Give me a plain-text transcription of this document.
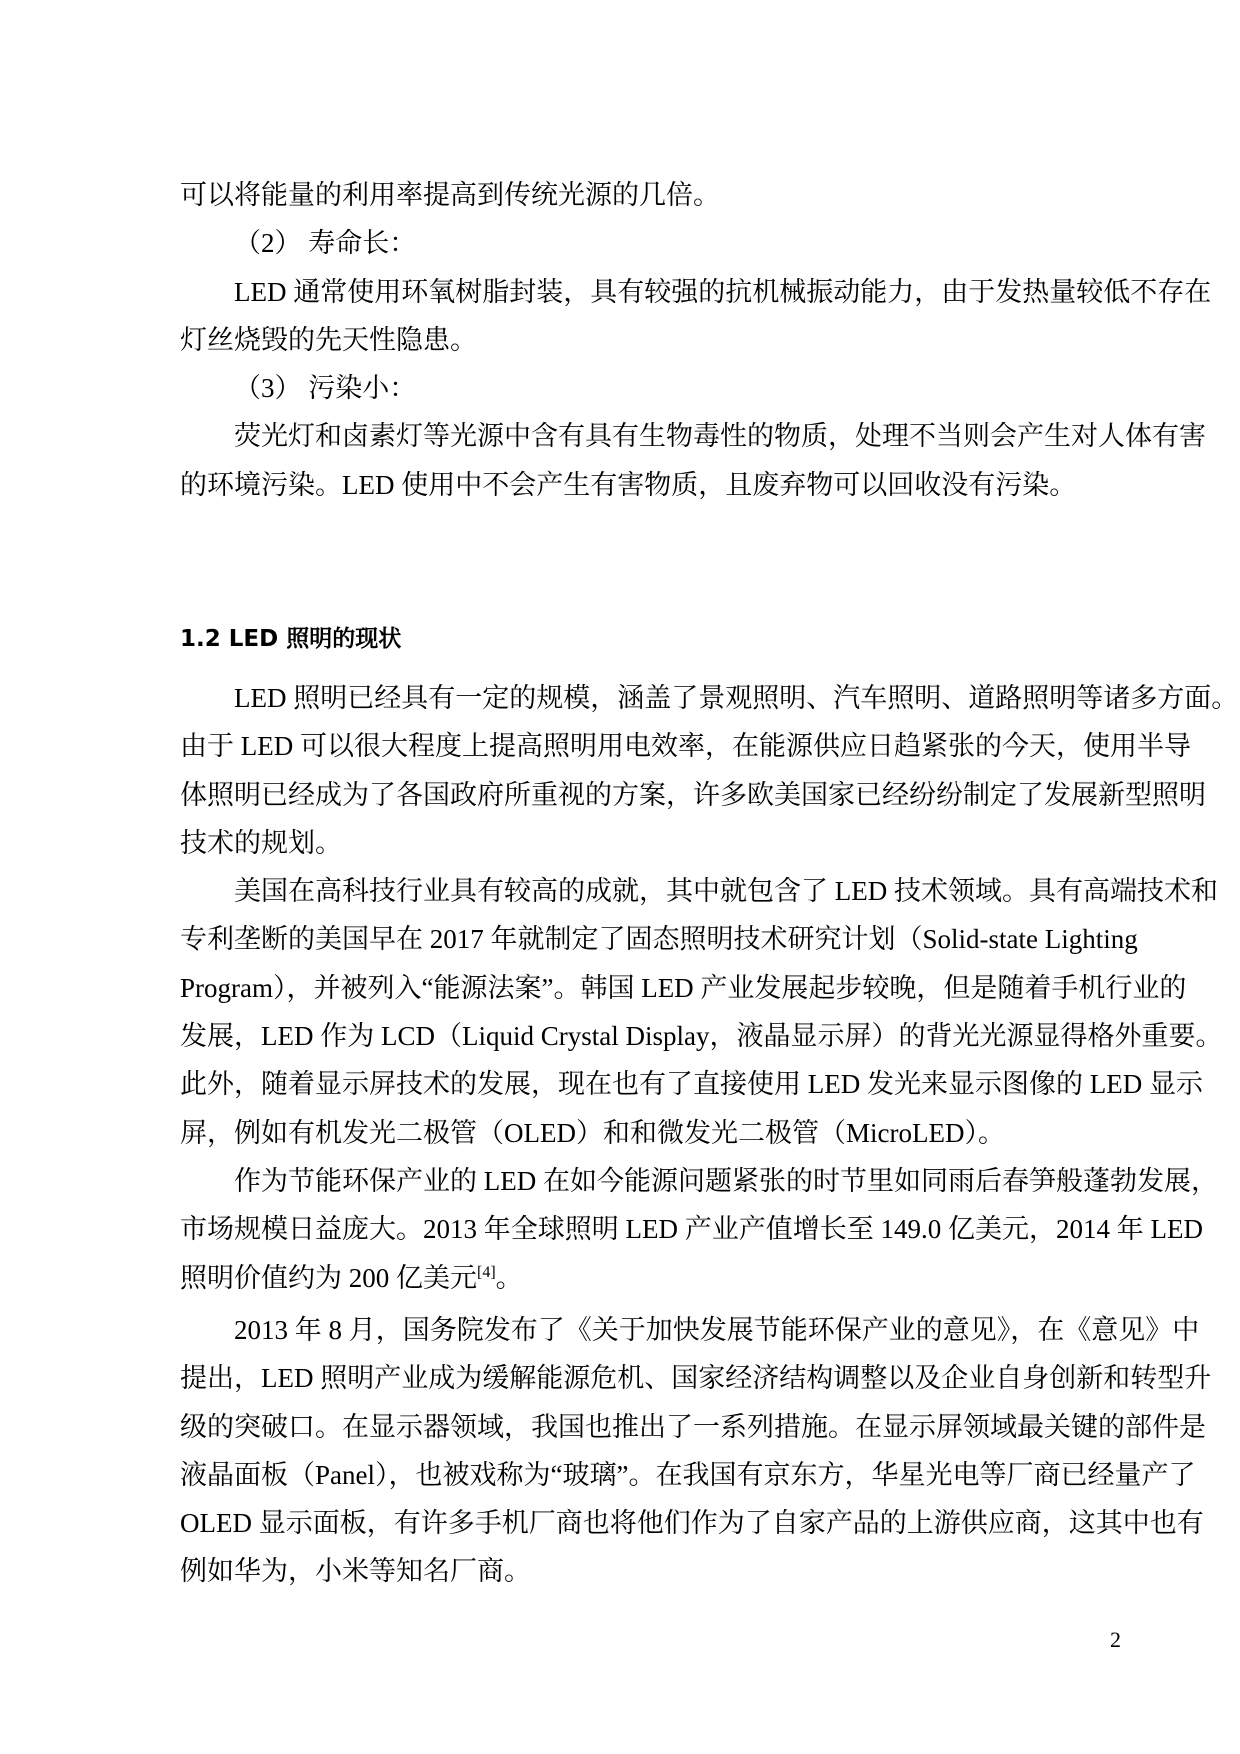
可以将能量的利用率提高到传统光源的几倍。
（2） 寿命长：
LED 通常使用环氧树脂封装，具有较强的抗机械振动能力，由于发热量较低不存在
灯丝烧毁的先天性隐患。
（3） 污染小：
荧光灯和卤素灯等光源中含有具有生物毒性的物质，处理不当则会产生对人体有害
的环境污染。LED 使用中不会产生有害物质，且废弃物可以回收没有污染。
1.2 LED 照明的现状
LED 照明已经具有一定的规模，涵盖了景观照明、汽车照明、道路照明等诸多方面。
由于 LED 可以很大程度上提高照明用电效率，在能源供应日趋紧张的今天，使用半导
体照明已经成为了各国政府所重视的方案，许多欧美国家已经纷纷制定了发展新型照明
技术的规划。
美国在高科技行业具有较高的成就，其中就包含了 LED 技术领域。具有高端技术和
专利垄断的美国早在 2017 年就制定了固态照明技术研究计划（Solid-state Lighting
Program），并被列入“能源法案”。韩国 LED 产业发展起步较晚，但是随着手机行业的
发展，LED 作为 LCD（Liquid Crystal Display，液晶显示屏）的背光光源显得格外重要。
此外，随着显示屏技术的发展，现在也有了直接使用 LED 发光来显示图像的 LED 显示
屏，例如有机发光二极管（OLED）和和微发光二极管（MicroLED）。
作为节能环保产业的 LED 在如今能源问题紧张的时节里如同雨后春笋般蓬勃发展，
市场规模日益庞大。2013 年全球照明 LED 产业产值增长至 149.0 亿美元，2014 年 LED
照明价值约为 200 亿美元[4]。
2013 年 8 月，国务院发布了《关于加快发展节能环保产业的意见》，在《意见》中
提出，LED 照明产业成为缓解能源危机、国家经济结构调整以及企业自身创新和转型升
级的突破口。在显示器领域，我国也推出了一系列措施。在显示屏领域最关键的部件是
液晶面板（Panel），也被戏称为“玻璃”。在我国有京东方，华星光电等厂商已经量产了
OLED 显示面板，有许多手机厂商也将他们作为了自家产品的上游供应商，这其中也有
例如华为，小米等知名厂商。
2
